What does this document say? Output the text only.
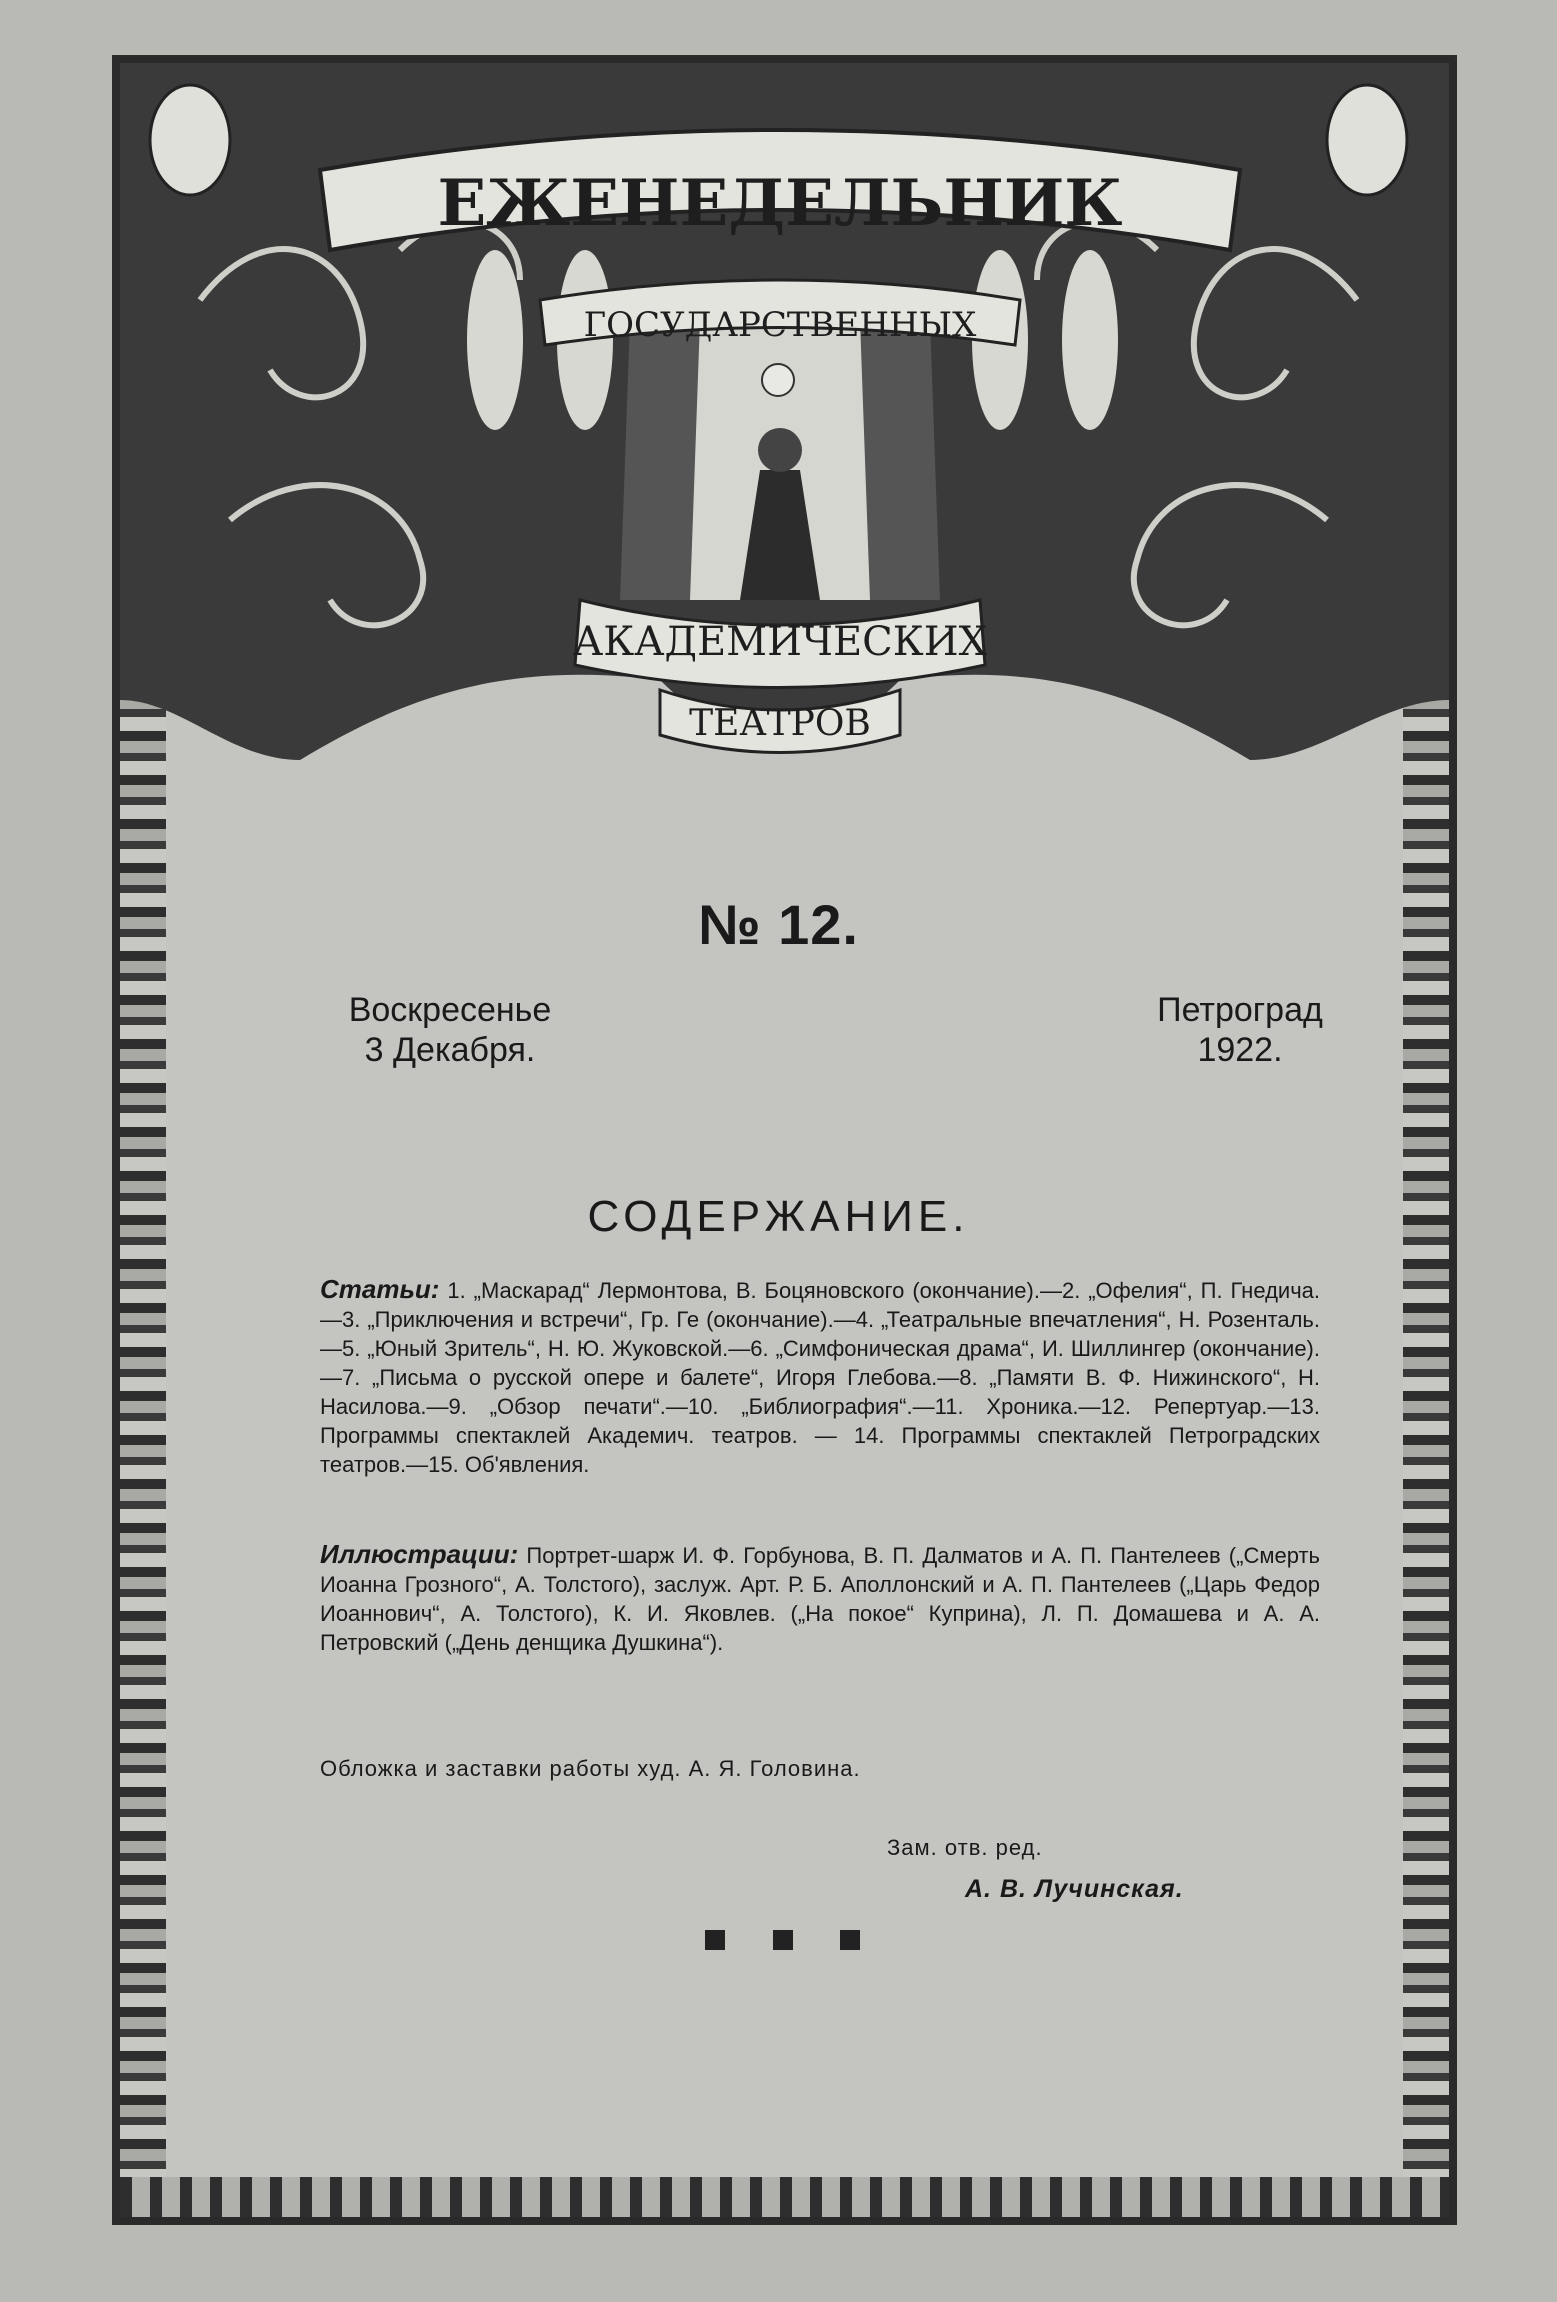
ЕЖЕНЕДЕЛЬНИК
ГОСУДАРСТВЕННЫХ
АКАДЕМИЧЕСКИХ
ТЕАТРОВ
№ 12.
Воскресенье
3 Декабря.
Петроград
1922.
СОДЕРЖАНИЕ.
Статьи: 1. „Маскарад“ Лермонтова, В. Боцяновского (окончание).—2. „Офелия“, П. Гнедича.—3. „Приключения и встречи“, Гр. Ге (окончание).—4. „Театральные впечатления“, Н. Розенталь.—5. „Юный Зритель“, Н. Ю. Жуковской.—6. „Симфоническая драма“, И. Шиллингер (окончание).—7. „Письма о русской опере и балете“, Игоря Глебова.—8. „Памяти В. Ф. Нижинского“, Н. Насилова.—9. „Обзор печати“.—10. „Библиография“.—11. Хроника.—12. Репертуар.—13. Программы спектаклей Академич. театров. — 14. Программы спектаклей Петроградских театров.—15. Об'явления.
Иллюстрации: Портрет-шарж И. Ф. Горбунова, В. П. Далматов и А. П. Пантелеев („Смерть Иоанна Грозного“, А. Толстого), заслуж. Арт. Р. Б. Аполлонский и А. П. Пантелеев („Царь Федор Иоаннович“, А. Толстого), К. И. Яковлев. („На покое“ Куприна), Л. П. Домашева и А. А. Петровский („День денщика Душкина“).
Обложка и заставки работы худ. А. Я. Головина.
Зам. отв. ред.
А. В. Лучинская.
